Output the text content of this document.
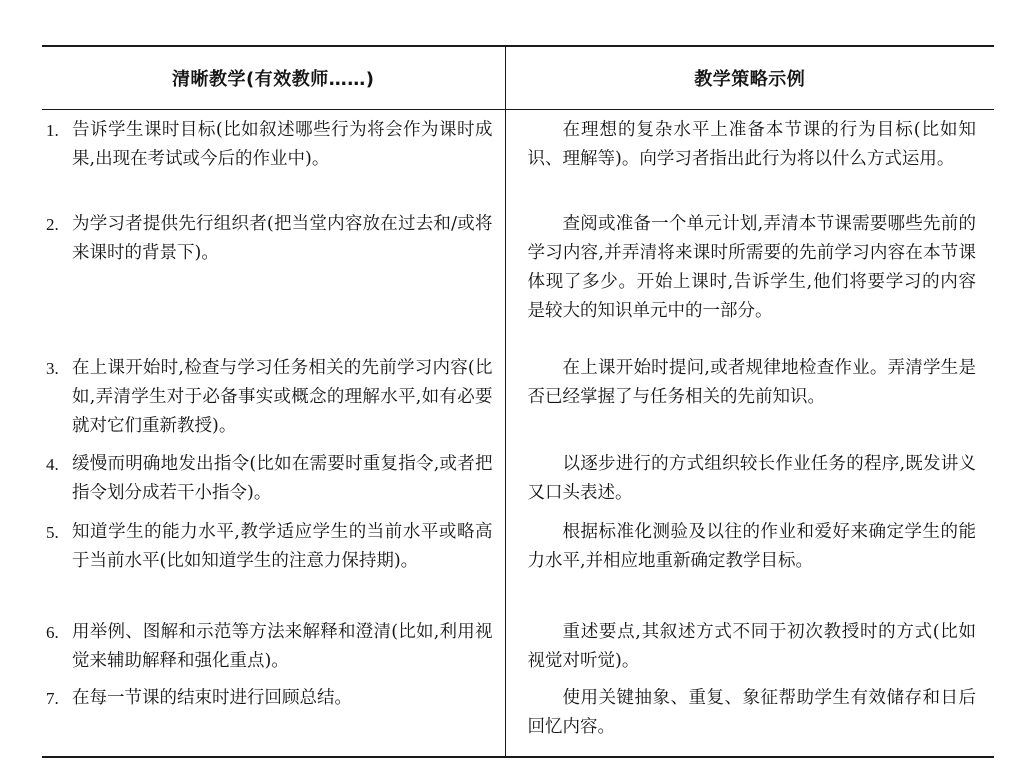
清晰教学(有效教师……)	教学策略示例

1. 告诉学生课时目标(比如叙述哪些行为将会作为课时成果,出现在考试或今后的作业中)。	在理想的复杂水平上准备本节课的行为目标(比如知识、理解等)。向学习者指出此行为将以什么方式运用。

2. 为学习者提供先行组织者(把当堂内容放在过去和/或将来课时的背景下)。	查阅或准备一个单元计划,弄清本节课需要哪些先前的学习内容,并弄清将来课时所需要的先前学习内容在本节课体现了多少。开始上课时,告诉学生,他们将要学习的内容是较大的知识单元中的一部分。

3. 在上课开始时,检查与学习任务相关的先前学习内容(比如,弄清学生对于必备事实或概念的理解水平,如有必要就对它们重新教授)。	在上课开始时提问,或者规律地检查作业。弄清学生是否已经掌握了与任务相关的先前知识。

4. 缓慢而明确地发出指令(比如在需要时重复指令,或者把指令划分成若干小指令)。	以逐步进行的方式组织较长作业任务的程序,既发讲义又口头表述。

5. 知道学生的能力水平,教学适应学生的当前水平或略高于当前水平(比如知道学生的注意力保持期)。	根据标准化测验及以往的作业和爱好来确定学生的能力水平,并相应地重新确定教学目标。

6. 用举例、图解和示范等方法来解释和澄清(比如,利用视觉来辅助解释和强化重点)。	重述要点,其叙述方式不同于初次教授时的方式(比如视觉对听觉)。

7. 在每一节课的结束时进行回顾总结。	使用关键抽象、重复、象征帮助学生有效储存和日后回忆内容。
